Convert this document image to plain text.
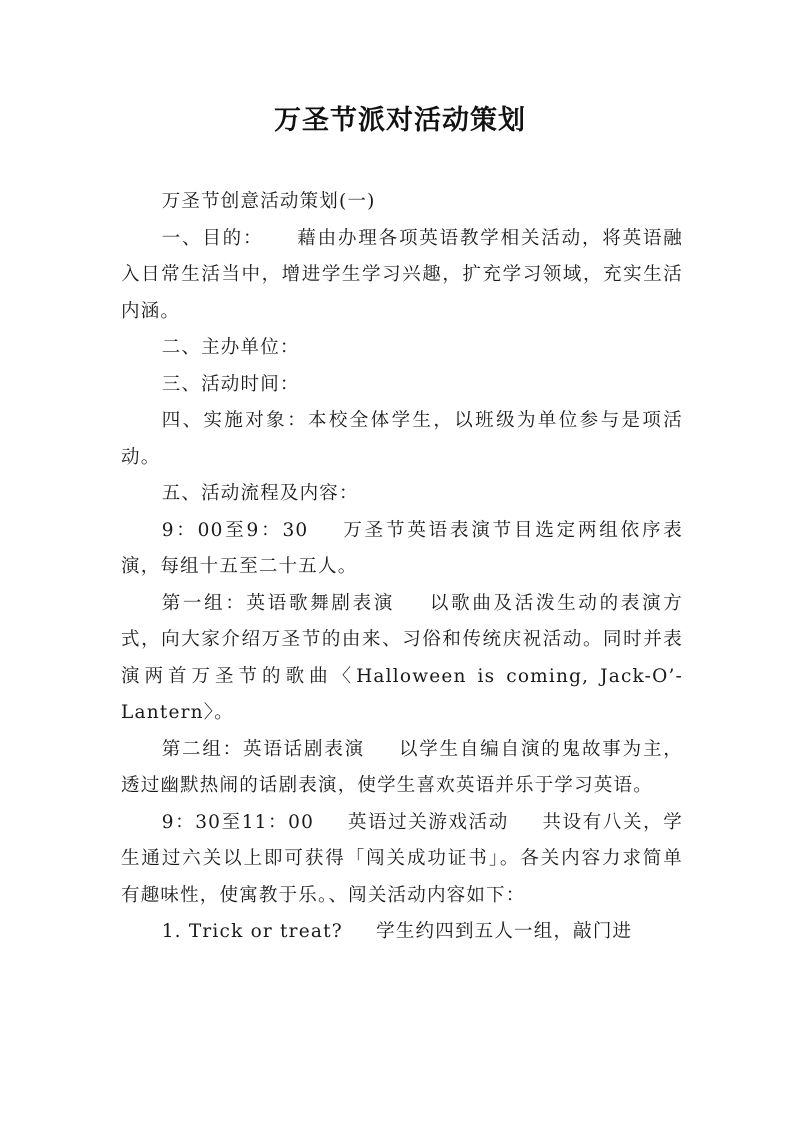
万圣节派对活动策划

万圣节创意活动策划(一)

一、目的： 藉由办理各项英语教学相关活动，将英语融入日常生活当中，增进学生学习兴趣，扩充学习领域，充实生活内涵。

二、主办单位：

三、活动时间：

四、实施对象：本校全体学生，以班级为单位参与是项活动。

五、活动流程及内容：

9：00至9：30 万圣节英语表演节目选定两组依序表演，每组十五至二十五人。

第一组：英语歌舞剧表演 以歌曲及活泼生动的表演方式，向大家介绍万圣节的由来、习俗和传统庆祝活动。同时并表演两首万圣节的歌曲〈Halloween is coming, Jack-O’-Lantern〉。

第二组：英语话剧表演 以学生自编自演的鬼故事为主，透过幽默热闹的话剧表演，使学生喜欢英语并乐于学习英语。

9：30至11：00 英语过关游戏活动 共设有八关，学生通过六关以上即可获得「闯关成功证书」。各关内容力求简单有趣味性，使寓教于乐。、闯关活动内容如下：

1. Trick or treat? 学生约四到五人一组，敲门进
